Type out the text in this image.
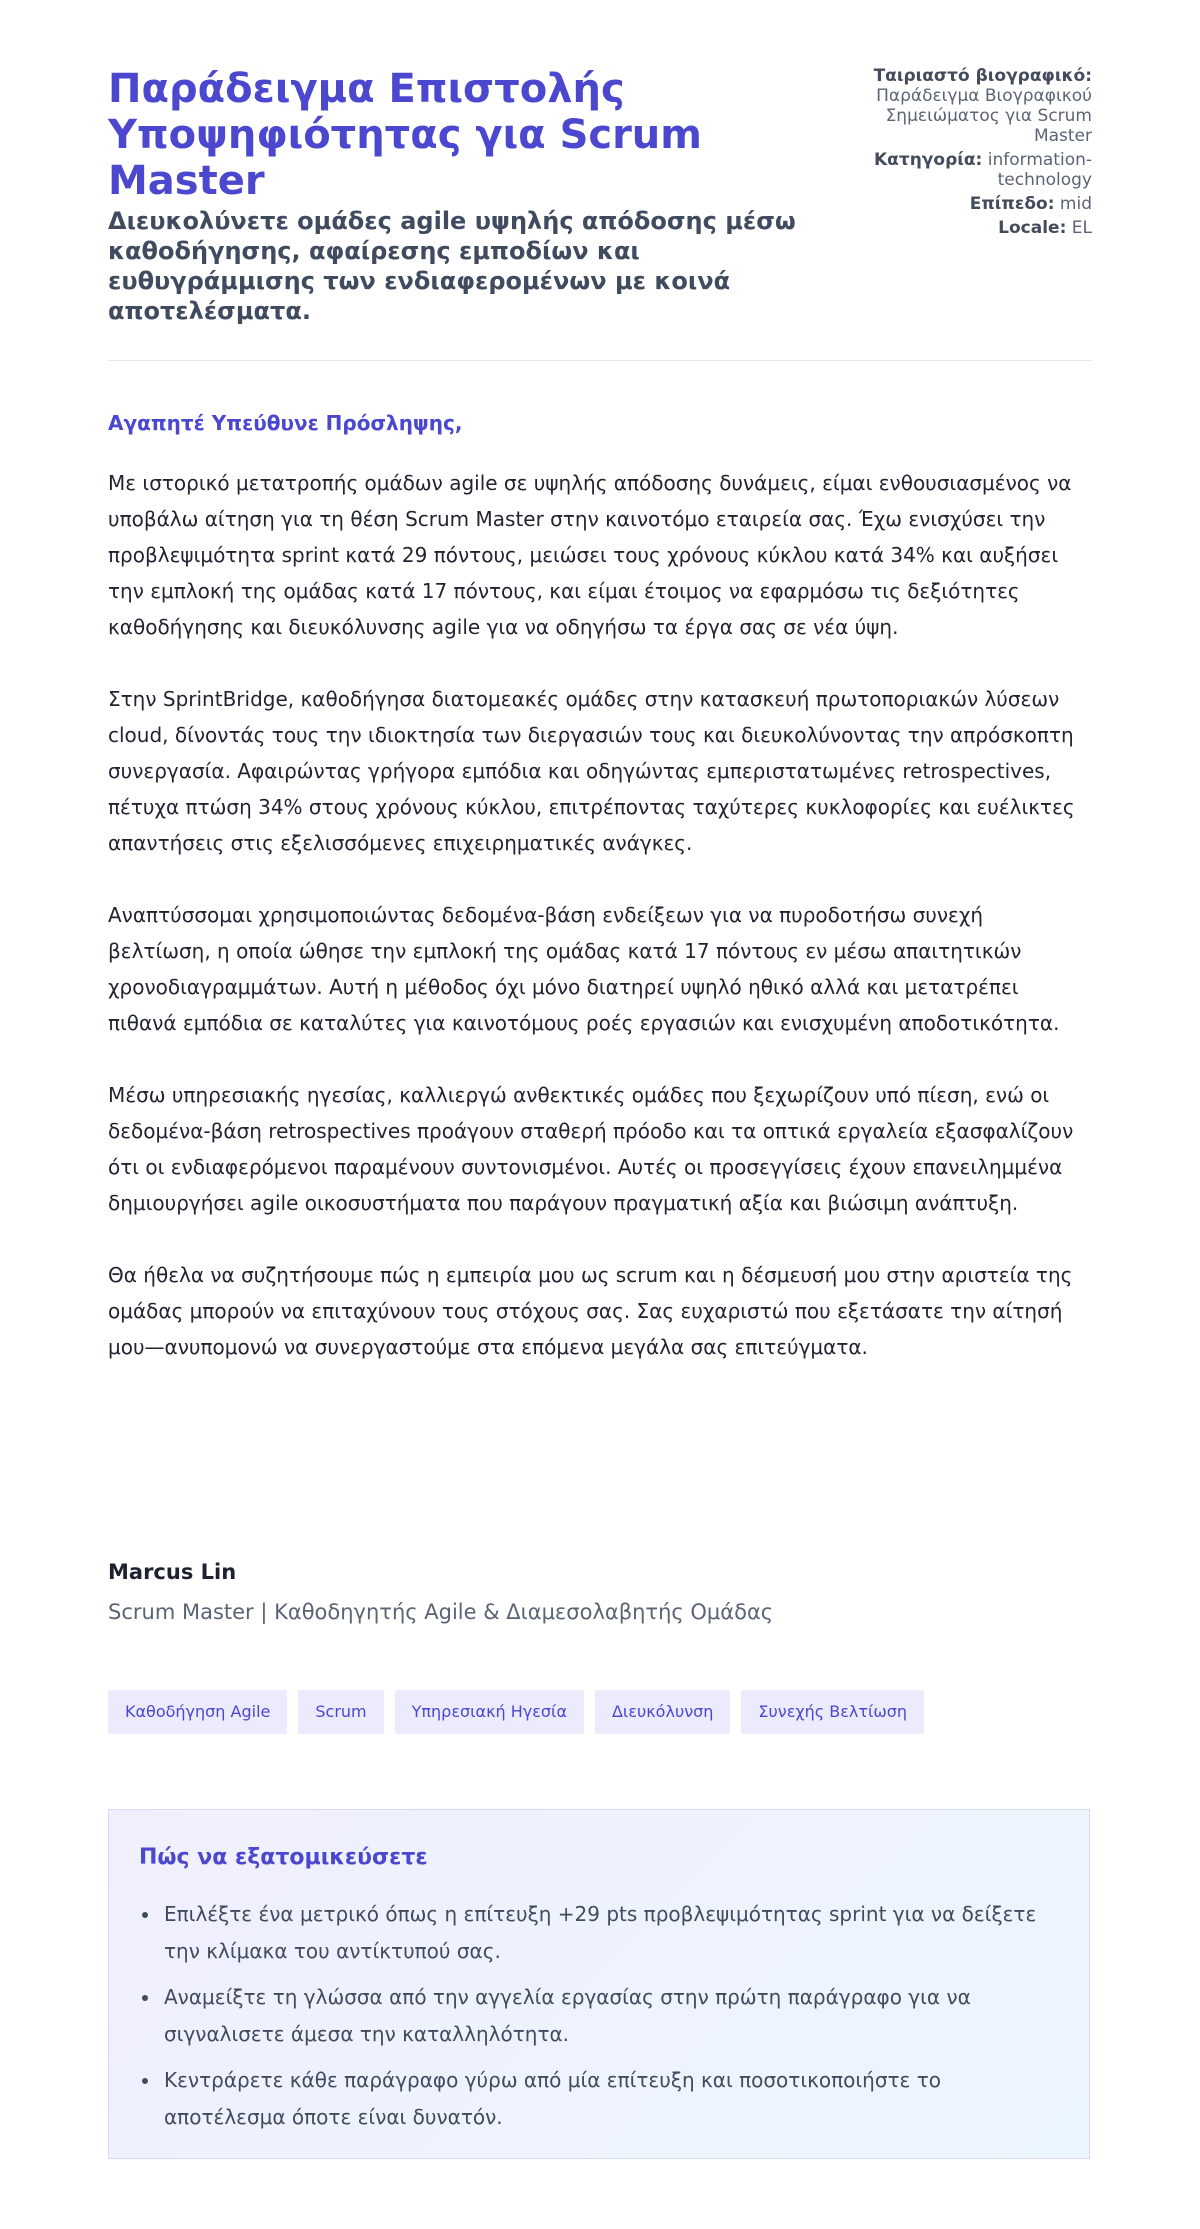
Παράδειγμα Επιστολής Υποψηφιότητας για Scrum Master
Διευκολύνετε ομάδες agile υψηλής απόδοσης μέσω καθοδήγησης, αφαίρεσης εμποδίων και ευθυγράμμισης των ενδιαφερομένων με κοινά αποτελέσματα.
Ταιριαστό βιογραφικό:
Παράδειγμα Βιογραφικού Σημειώματος για Scrum Master
Κατηγορία: information-technology
Επίπεδο: mid
Locale: EL

Αγαπητέ Υπεύθυνε Πρόσληψης,

Με ιστορικό μετατροπής ομάδων agile σε υψηλής απόδοσης δυνάμεις, είμαι ενθουσιασμένος να υποβάλω αίτηση για τη θέση Scrum Master στην καινοτόμο εταιρεία σας. Έχω ενισχύσει την προβλεψιμότητα sprint κατά 29 πόντους, μειώσει τους χρόνους κύκλου κατά 34% και αυξήσει την εμπλοκή της ομάδας κατά 17 πόντους, και είμαι έτοιμος να εφαρμόσω τις δεξιότητες καθοδήγησης και διευκόλυνσης agile για να οδηγήσω τα έργα σας σε νέα ύψη.

Στην SprintBridge, καθοδήγησα διατομεακές ομάδες στην κατασκευή πρωτοποριακών λύσεων cloud, δίνοντάς τους την ιδιοκτησία των διεργασιών τους και διευκολύνοντας την απρόσκοπτη συνεργασία. Αφαιρώντας γρήγορα εμπόδια και οδηγώντας εμπεριστατωμένες retrospectives, πέτυχα πτώση 34% στους χρόνους κύκλου, επιτρέποντας ταχύτερες κυκλοφορίες και ευέλικτες απαντήσεις στις εξελισσόμενες επιχειρηματικές ανάγκες.

Αναπτύσσομαι χρησιμοποιώντας δεδομένα-βάση ενδείξεων για να πυροδοτήσω συνεχή βελτίωση, η οποία ώθησε την εμπλοκή της ομάδας κατά 17 πόντους εν μέσω απαιτητικών χρονοδιαγραμμάτων. Αυτή η μέθοδος όχι μόνο διατηρεί υψηλό ηθικό αλλά και μετατρέπει πιθανά εμπόδια σε καταλύτες για καινοτόμους ροές εργασιών και ενισχυμένη αποδοτικότητα.

Μέσω υπηρεσιακής ηγεσίας, καλλιεργώ ανθεκτικές ομάδες που ξεχωρίζουν υπό πίεση, ενώ οι δεδομένα-βάση retrospectives προάγουν σταθερή πρόοδο και τα οπτικά εργαλεία εξασφαλίζουν ότι οι ενδιαφερόμενοι παραμένουν συντονισμένοι. Αυτές οι προσεγγίσεις έχουν επανειλημμένα δημιουργήσει agile οικοσυστήματα που παράγουν πραγματική αξία και βιώσιμη ανάπτυξη.

Θα ήθελα να συζητήσουμε πώς η εμπειρία μου ως scrum και η δέσμευσή μου στην αριστεία της ομάδας μπορούν να επιταχύνουν τους στόχους σας. Σας ευχαριστώ που εξετάσατε την αίτησή μου—ανυπομονώ να συνεργαστούμε στα επόμενα μεγάλα σας επιτεύγματα.

Marcus Lin
Scrum Master | Καθοδηγητής Agile & Διαμεσολαβητής Ομάδας
Καθοδήγηση Agile	Scrum	Υπηρεσιακή Ηγεσία	Διευκόλυνση	Συνεχής Βελτίωση
Πώς να εξατομικεύσετε
Επιλέξτε ένα μετρικό όπως η επίτευξη +29 pts προβλεψιμότητας sprint για να δείξετε την κλίμακα του αντίκτυπού σας.
Αναμείξτε τη γλώσσα από την αγγελία εργασίας στην πρώτη παράγραφο για να σιγναλισετε άμεσα την καταλληλότητα.
Κεντράρετε κάθε παράγραφο γύρω από μία επίτευξη και ποσοτικοποιήστε το αποτέλεσμα όποτε είναι δυνατόν.
